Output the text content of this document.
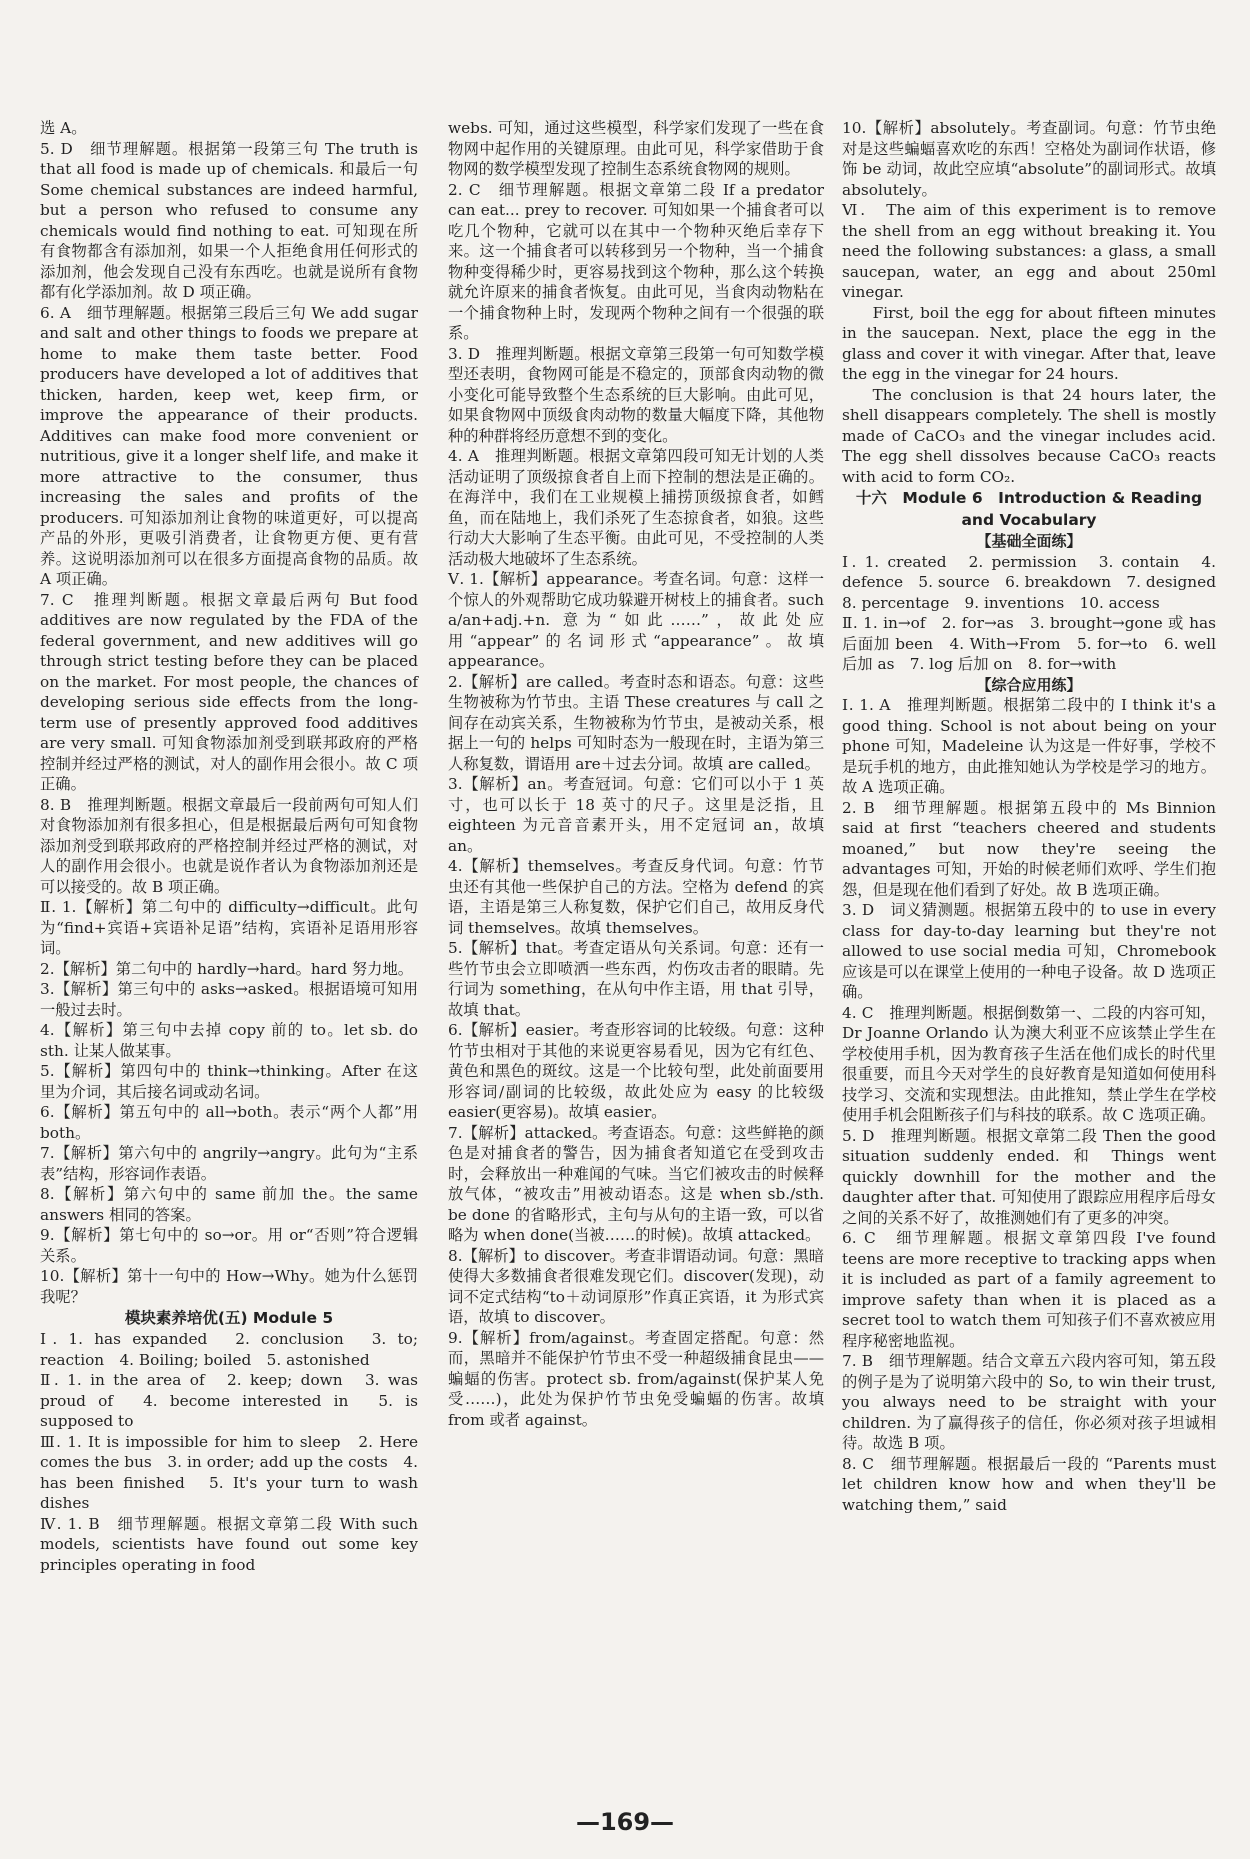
选 A。

5. D　细节理解题。根据第一段第三句 The truth is that all food is made up of chemicals. 和最后一句 Some chemical substances are indeed harmful, but a person who refused to consume any chemicals would find nothing to eat. 可知现在所有食物都含有添加剂，如果一个人拒绝食用任何形式的添加剂，他会发现自己没有东西吃。也就是说所有食物都有化学添加剂。故 D 项正确。

6. A　细节理解题。根据第三段后三句 We add sugar and salt and other things to foods we prepare at home to make them taste better. Food producers have developed a lot of additives that thicken, harden, keep wet, keep firm, or improve the appearance of their products. Additives can make food more convenient or nutritious, give it a longer shelf life, and make it more attractive to the consumer, thus increasing the sales and profits of the producers. 可知添加剂让食物的味道更好，可以提高产品的外形，更吸引消费者，让食物更方便、更有营养。这说明添加剂可以在很多方面提高食物的品质。故 A 项正确。

7. C　推理判断题。根据文章最后两句 But food additives are now regulated by the FDA of the federal government, and new additives will go through strict testing before they can be placed on the market. For most people, the chances of developing serious side effects from the long-term use of presently approved food additives are very small. 可知食物添加剂受到联邦政府的严格控制并经过严格的测试，对人的副作用会很小。故 C 项正确。

8. B　推理判断题。根据文章最后一段前两句可知人们对食物添加剂有很多担心，但是根据最后两句可知食物添加剂受到联邦政府的严格控制并经过严格的测试，对人的副作用会很小。也就是说作者认为食物添加剂还是可以接受的。故 B 项正确。

Ⅱ. 1.【解析】第二句中的 difficulty→difficult。此句为“find+宾语+宾语补足语”结构，宾语补足语用形容词。

2.【解析】第二句中的 hardly→hard。hard 努力地。

3.【解析】第三句中的 asks→asked。根据语境可知用一般过去时。

4.【解析】第三句中去掉 copy 前的 to。let sb. do sth. 让某人做某事。

5.【解析】第四句中的 think→thinking。After 在这里为介词，其后接名词或动名词。

6.【解析】第五句中的 all→both。表示“两个人都”用 both。

7.【解析】第六句中的 angrily→angry。此句为“主系表”结构，形容词作表语。

8.【解析】第六句中的 same 前加 the。the same answers 相同的答案。

9.【解析】第七句中的 so→or。用 or“否则”符合逻辑关系。

10.【解析】第十一句中的 How→Why。她为什么惩罚我呢？

模块素养培优(五) Module 5

Ⅰ. 1. has expanded　2. conclusion　3. to; reaction　4. Boiling; boiled　5. astonished

Ⅱ. 1. in the area of　2. keep; down　3. was proud of　4. become interested in　5. is supposed to

Ⅲ. 1. It is impossible for him to sleep　2. Here comes the bus　3. in order; add up the costs　4. has been finished　5. It's your turn to wash dishes

Ⅳ. 1. B　细节理解题。根据文章第二段 With such models, scientists have found out some key principles operating in food

webs. 可知，通过这些模型，科学家们发现了一些在食物网中起作用的关键原理。由此可见，科学家借助于食物网的数学模型发现了控制生态系统食物网的规则。

2. C　细节理解题。根据文章第二段 If a predator can eat... prey to recover. 可知如果一个捕食者可以吃几个物种，它就可以在其中一个物种灭绝后幸存下来。这一个捕食者可以转移到另一个物种，当一个捕食物种变得稀少时，更容易找到这个物种，那么这个转换就允许原来的捕食者恢复。由此可见，当食肉动物粘在一个捕食物种上时，发现两个物种之间有一个很强的联系。

3. D　推理判断题。根据文章第三段第一句可知数学模型还表明，食物网可能是不稳定的，顶部食肉动物的微小变化可能导致整个生态系统的巨大影响。由此可见，如果食物网中顶级食肉动物的数量大幅度下降，其他物种的种群将经历意想不到的变化。

4. A　推理判断题。根据文章第四段可知无计划的人类活动证明了顶级掠食者自上而下控制的想法是正确的。在海洋中，我们在工业规模上捕捞顶级掠食者，如鳕鱼，而在陆地上，我们杀死了生态掠食者，如狼。这些行动大大影响了生态平衡。由此可见，不受控制的人类活动极大地破坏了生态系统。

Ⅴ. 1.【解析】appearance。考查名词。句意：这样一个惊人的外观帮助它成功躲避开树枝上的捕食者。such a/an+adj.+n. 意为“如此……”，故此处应用“appear”的名词形式“appearance”。故填 appearance。

2.【解析】are called。考查时态和语态。句意：这些生物被称为竹节虫。主语 These creatures 与 call 之间存在动宾关系，生物被称为竹节虫，是被动关系，根据上一句的 helps 可知时态为一般现在时，主语为第三人称复数，谓语用 are＋过去分词。故填 are called。

3.【解析】an。考查冠词。句意：它们可以小于 1 英寸，也可以长于 18 英寸的尺子。这里是泛指，且 eighteen 为元音音素开头，用不定冠词 an，故填 an。

4.【解析】themselves。考查反身代词。句意：竹节虫还有其他一些保护自己的方法。空格为 defend 的宾语，主语是第三人称复数，保护它们自己，故用反身代词 themselves。故填 themselves。

5.【解析】that。考查定语从句关系词。句意：还有一些竹节虫会立即喷洒一些东西，灼伤攻击者的眼睛。先行词为 something，在从句中作主语，用 that 引导，故填 that。

6.【解析】easier。考查形容词的比较级。句意：这种竹节虫相对于其他的来说更容易看见，因为它有红色、黄色和黑色的斑纹。这是一个比较句型，此处前面要用形容词/副词的比较级，故此处应为 easy 的比较级 easier(更容易)。故填 easier。

7.【解析】attacked。考查语态。句意：这些鲜艳的颜色是对捕食者的警告，因为捕食者知道它在受到攻击时，会释放出一种难闻的气味。当它们被攻击的时候释放气体，“被攻击”用被动语态。这是 when sb./sth. be done 的省略形式，主句与从句的主语一致，可以省略为 when done(当被……的时候)。故填 attacked。

8.【解析】to discover。考查非谓语动词。句意：黑暗使得大多数捕食者很难发现它们。discover(发现)，动词不定式结构“to＋动词原形”作真正宾语，it 为形式宾语，故填 to discover。

9.【解析】from/against。考查固定搭配。句意：然而，黑暗并不能保护竹节虫不受一种超级捕食昆虫——蝙蝠的伤害。protect sb. from/against(保护某人免受……)，此处为保护竹节虫免受蝙蝠的伤害。故填 from 或者 against。

10.【解析】absolutely。考查副词。句意：竹节虫绝对是这些蝙蝠喜欢吃的东西！空格处为副词作状语，修饰 be 动词，故此空应填“absolute”的副词形式。故填 absolutely。

Ⅵ.　The aim of this experiment is to remove the shell from an egg without breaking it. You need the following substances: a glass, a small saucepan, water, an egg and about 250ml vinegar.

First, boil the egg for about fifteen minutes in the saucepan. Next, place the egg in the glass and cover it with vinegar. After that, leave the egg in the vinegar for 24 hours.

The conclusion is that 24 hours later, the shell disappears completely. The shell is mostly made of CaCO₃ and the vinegar includes acid. The egg shell dissolves because CaCO₃ reacts with acid to form CO₂.

十六　Module 6　Introduction & Reading and Vocabulary

【基础全面练】

Ⅰ. 1. created　2. permission　3. contain　4. defence　5. source　6. breakdown　7. designed　8. percentage　9. inventions　10. access

Ⅱ. 1. in→of　2. for→as　3. brought→gone 或 has 后面加 been　4. With→From　5. for→to　6. well 后加 as　7. log 后加 on　8. for→with

【综合应用练】

Ⅰ. 1. A　推理判断题。根据第二段中的 I think it's a good thing. School is not about being on your phone 可知，Madeleine 认为这是一件好事，学校不是玩手机的地方，由此推知她认为学校是学习的地方。故 A 选项正确。

2. B　细节理解题。根据第五段中的 Ms Binnion said at first “teachers cheered and students moaned,” but now they're seeing the advantages 可知，开始的时候老师们欢呼、学生们抱怨，但是现在他们看到了好处。故 B 选项正确。

3. D　词义猜测题。根据第五段中的 to use in every class for day-to-day learning but they're not allowed to use social media 可知，Chromebook 应该是可以在课堂上使用的一种电子设备。故 D 选项正确。

4. C　推理判断题。根据倒数第一、二段的内容可知，Dr Joanne Orlando 认为澳大利亚不应该禁止学生在学校使用手机，因为教育孩子生活在他们成长的时代里很重要，而且今天对学生的良好教育是知道如何使用科技学习、交流和实现想法。由此推知，禁止学生在学校使用手机会阻断孩子们与科技的联系。故 C 选项正确。

5. D　推理判断题。根据文章第二段 Then the good situation suddenly ended. 和 Things went quickly downhill for the mother and the daughter after that. 可知使用了跟踪应用程序后母女之间的关系不好了，故推测她们有了更多的冲突。

6. C　细节理解题。根据文章第四段 I've found teens are more receptive to tracking apps when it is included as part of a family agreement to improve safety than when it is placed as a secret tool to watch them 可知孩子们不喜欢被应用程序秘密地监视。

7. B　细节理解题。结合文章五六段内容可知，第五段的例子是为了说明第六段中的 So, to win their trust, you always need to be straight with your children. 为了赢得孩子的信任，你必须对孩子坦诚相待。故选 B 项。

8. C　细节理解题。根据最后一段的 “Parents must let children know how and when they'll be watching them,” said

—169—
